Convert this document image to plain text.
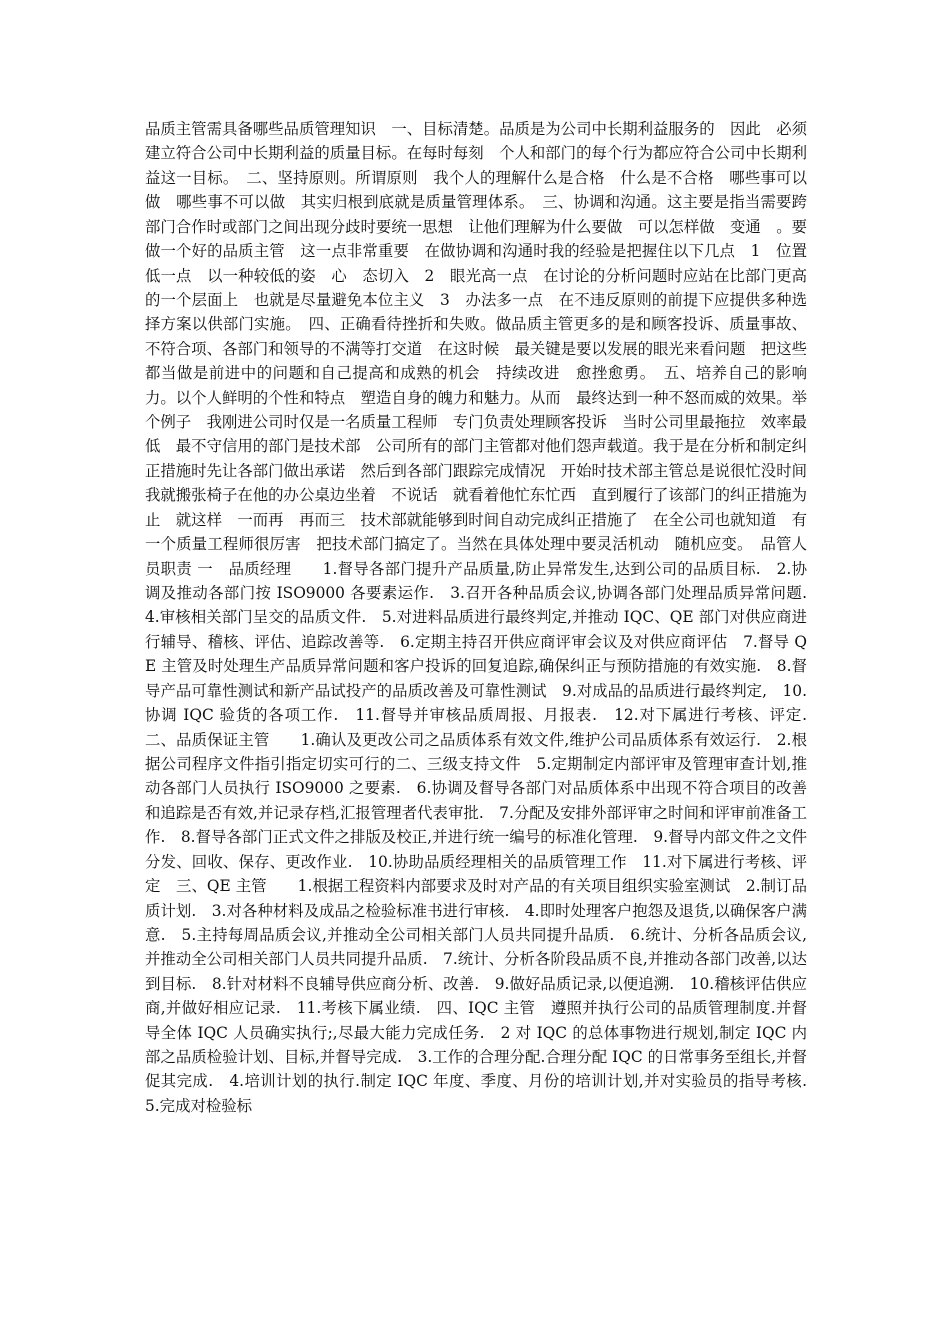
品质主管需具备哪些品质管理知识　一、目标清楚。品质是为公司中长期利益服务的　因此　必须建立符合公司中长期利益的质量目标。在每时每刻　个人和部门的每个行为都应符合公司中长期利益这一目标。　二、坚持原则。所谓原则　我个人的理解什么是合格　什么是不合格　哪些事可以做　哪些事不可以做　其实归根到底就是质量管理体系。　三、协调和沟通。这主要是指当需要跨部门合作时或部门之间出现分歧时要统一思想　让他们理解为什么要做　可以怎样做　变通　。要做一个好的品质主管　这一点非常重要　在做协调和沟通时我的经验是把握住以下几点　1　位置低一点　以一种较低的姿　心　态切入　2　眼光高一点　在讨论的分析问题时应站在比部门更高的一个层面上　也就是尽量避免本位主义　3　办法多一点　在不违反原则的前提下应提供多种选择方案以供部门实施。　四、正确看待挫折和失败。做品质主管更多的是和顾客投诉、质量事故、不符合项、各部门和领导的不满等打交道　在这时候　最关键是要以发展的眼光来看问题　把这些都当做是前进中的问题和自己提高和成熟的机会　持续改进　愈挫愈勇。　五、培养自己的影响力。以个人鲜明的个性和特点　塑造自身的魄力和魅力。从而　最终达到一种不怒而威的效果。举个例子　我刚进公司时仅是一名质量工程师　专门负责处理顾客投诉　当时公司里最拖拉　效率最低　最不守信用的部门是技术部　公司所有的部门主管都对他们怨声载道。我于是在分析和制定纠正措施时先让各部门做出承诺　然后到各部门跟踪完成情况　开始时技术部主管总是说很忙没时间　我就搬张椅子在他的办公桌边坐着　不说话　就看着他忙东忙西　直到履行了该部门的纠正措施为止　就这样　一而再　再而三　技术部就能够到时间自动完成纠正措施了　在全公司也就知道　有一个质量工程师很厉害　把技术部门搞定了。当然在具体处理中要灵活机动　随机应变。　品管人员职责 一　品质经理　　1.督导各部门提升产品质量,防止异常发生,达到公司的品质目标.　2.协调及推动各部门按 ISO9000 各要素运作.　3.召开各种品质会议,协调各部门处理品质异常问题.　4.审核相关部门呈交的品质文件.　5.对进料品质进行最终判定,并推动 IQC、QE 部门对供应商进行辅导、稽核、评估、追踪改善等.　6.定期主持召开供应商评审会议及对供应商评估　7.督导 QE 主管及时处理生产品质异常问题和客户投诉的回复追踪,确保纠正与预防措施的有效实施.　8.督导产品可靠性测试和新产品试投产的品质改善及可靠性测试　9.对成品的品质进行最终判定,　10.协调 IQC 验货的各项工作.　11.督导并审核品质周报、月报表.　12.对下属进行考核、评定.　二、品质保证主管　　1.确认及更改公司之品质体系有效文件,维护公司品质体系有效运行.　2.根据公司程序文件指引指定切实可行的二、三级支持文件　5.定期制定内部评审及管理审查计划,推动各部门人员执行 ISO9000 之要素.　6.协调及督导各部门对品质体系中出现不符合项目的改善和追踪是否有效,并记录存档,汇报管理者代表审批.　7.分配及安排外部评审之时间和评审前准备工作.　8.督导各部门正式文件之排版及校正,并进行统一编号的标准化管理.　9.督导内部文件之文件分发、回收、保存、更改作业.　10.协助品质经理相关的品质管理工作　11.对下属进行考核、评定　三、QE 主管　　1.根据工程资料内部要求及时对产品的有关项目组织实验室测试　2.制订品质计划.　3.对各种材料及成品之检验标准书进行审核.　4.即时处理客户抱怨及退货,以确保客户满意.　5.主持每周品质会议,并推动全公司相关部门人员共同提升品质.　6.统计、分析各品质会议,并推动全公司相关部门人员共同提升品质.　7.统计、分析各阶段品质不良,并推动各部门改善,以达到目标.　8.针对材料不良辅导供应商分析、改善.　9.做好品质记录,以便追溯.　10.稽核评估供应商,并做好相应记录.　11.考核下属业绩.　四、IQC 主管　遵照并执行公司的品质管理制度.并督导全体 IQC 人员确实执行;,尽最大能力完成任务.　2 对 IQC 的总体事物进行规划,制定 IQC 内部之品质检验计划、目标,并督导完成.　3.工作的合理分配.合理分配 IQC 的日常事务至组长,并督促其完成.　4.培训计划的执行.制定 IQC 年度、季度、月份的培训计划,并对实验员的指导考核.　5.完成对检验标
